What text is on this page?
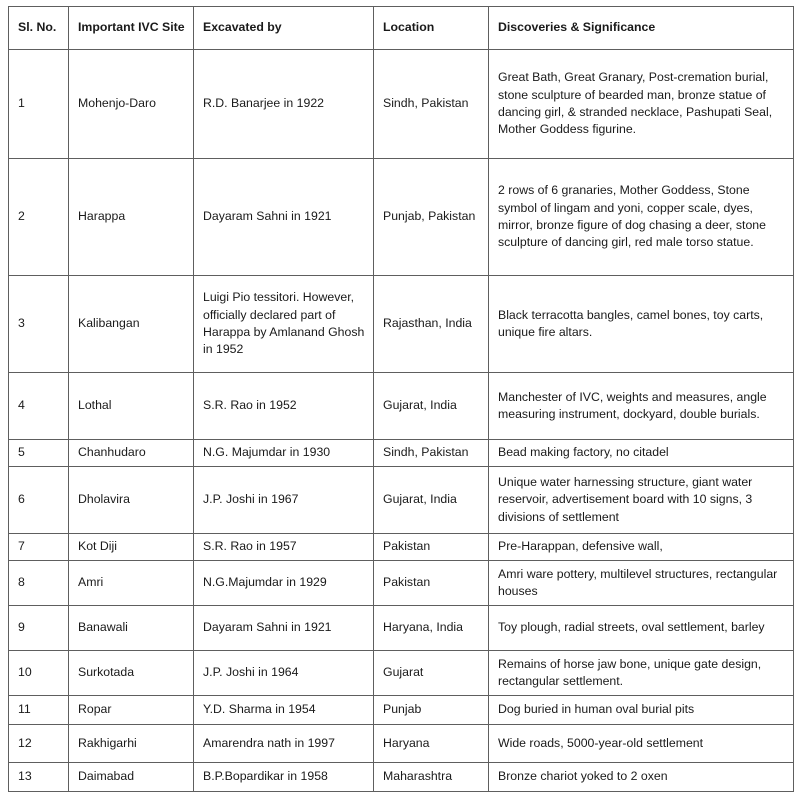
Sl. No.	Important IVC Site	Excavated by	Location	Discoveries & Significance
1	Mohenjo-Daro	R.D. Banarjee in 1922	Sindh, Pakistan	Great Bath, Great Granary, Post-cremation burial, stone sculpture of bearded man, bronze statue of dancing girl, & stranded necklace, Pashupati Seal, Mother Goddess figurine.
2	Harappa	Dayaram Sahni in 1921	Punjab, Pakistan	2 rows of 6 granaries, Mother Goddess, Stone symbol of lingam and yoni, copper scale, dyes, mirror, bronze figure of dog chasing a deer, stone sculpture of dancing girl, red male torso statue.
3	Kalibangan	Luigi Pio tessitori. However, officially declared part of Harappa by Amlanand Ghosh in 1952	Rajasthan, India	Black terracotta bangles, camel bones, toy carts, unique fire altars.
4	Lothal	S.R. Rao in 1952	Gujarat, India	Manchester of IVC, weights and measures, angle measuring instrument, dockyard, double burials.
5	Chanhudaro	N.G. Majumdar in 1930	Sindh, Pakistan	Bead making factory, no citadel
6	Dholavira	J.P. Joshi in 1967	Gujarat, India	Unique water harnessing structure, giant water reservoir, advertisement board with 10 signs, 3 divisions of settlement
7	Kot Diji	S.R. Rao in 1957	Pakistan	Pre-Harappan, defensive wall,
8	Amri	N.G.Majumdar in 1929	Pakistan	Amri ware pottery, multilevel structures, rectangular houses
9	Banawali	Dayaram Sahni in 1921	Haryana, India	Toy plough, radial streets, oval settlement, barley
10	Surkotada	J.P. Joshi in 1964	Gujarat	Remains of horse jaw bone, unique gate design, rectangular settlement.
11	Ropar	Y.D. Sharma in 1954	Punjab	Dog buried in human oval burial pits
12	Rakhigarhi	Amarendra nath in 1997	Haryana	Wide roads, 5000-year-old settlement
13	Daimabad	B.P.Bopardikar in 1958	Maharashtra	Bronze chariot yoked to 2 oxen
